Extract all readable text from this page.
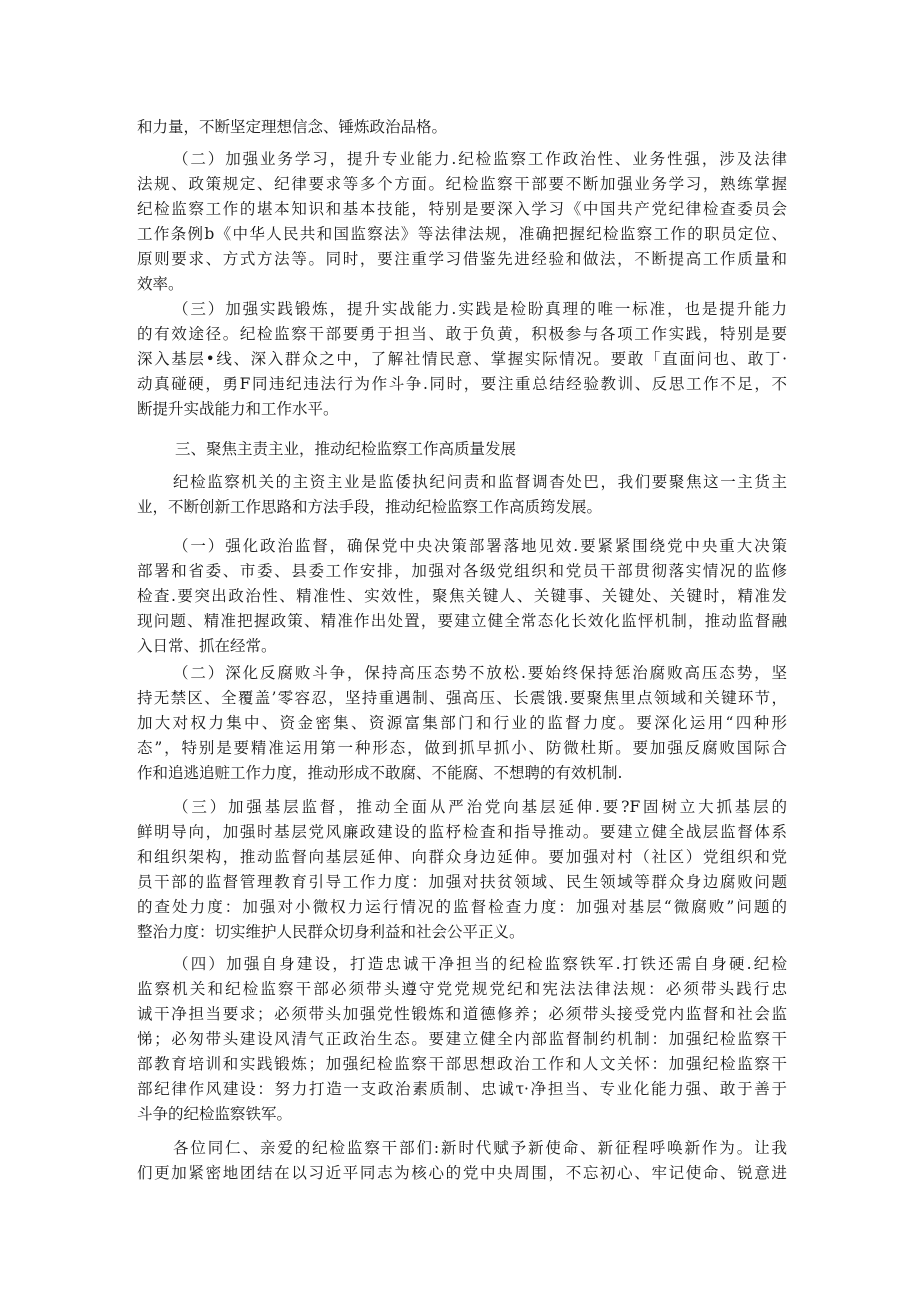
和力量，不断坚定理想信念、锤炼政治品格。

（二）加强业务学习，提升专业能力.纪检监察工作政治性、业务性强，涉及法律
法规、政策规定、纪律要求等多个方面。纪检监察干部要不断加强业务学习，熟练掌握
纪检监察工作的堪本知识和基本技能，特别是要深入学习《中国共产党纪律检查委员会
工作条例b《中华人民共和国监察法》等法律法规，准确把握纪检监察工作的职员定位、
原则要求、方式方法等。同时，要注重学习借鉴先进经验和做法，不断提高工作质量和
效率。

（三）加强实践锻炼，提升实战能力.实践是检盼真理的唯一标准，也是提升能力
的有效途径。纪检监察干部要勇于担当、敢于负黄，积极参与各项工作实践，特别是要
深入基层•线、深入群众之中，了解社情民意、掌握实际情况。要敢「直面问也、敢丁·
动真碰硬，勇F同违纪违法行为作斗争.同时，要注重总结经验教训、反思工作不足，不
断提升实战能力和工作水平。

三、聚焦主责主业，推动纪检监察工作高质量发展

纪检监察机关的主资主业是监倭执纪问责和监督调杳处巴，我们要聚焦这一主货主
业，不断创新工作思路和方法手段，推动纪检监察工作高质筠发展。

（一）强化政治监督，确保党中央决策部署落地见效.要紧紧围绕党中央重大决策
部署和省委、市委、县委工作安排，加强对各级党组织和党员干部贯彻落实情况的监修
检査.要突出政治性、精准性、实效性，聚焦关键人、关键事、关键处、关键时，精准发
现问题、精准把握政策、精准作出处置，要建立健全常态化长效化监怦机制，推动监督融
入日常、抓在经常。

（二）深化反腐败斗争，保持高压态势不放松.要始终保持惩治腐败高压态势，坚
持无禁区、全覆盖’零容忍，坚持重遇制、强高压、长震饿.要聚焦里点领域和关键环节，
加大对权力集中、资金密集、资源富集部门和行业的监督力度。要深化运用“四种形
态”，特别是要精准运用第一种形态，做到抓早抓小、防微杜斯。要加强反腐败国际合
作和追逃追赃工作力度，推动形成不敢腐、不能腐、不想聘的有效机制.

（三）加强基层监督，推动全面从严治党向基层延伸.要?F固树立大抓基层的
鲜明导向，加强时基层党风廉政建设的监杼检査和指导推动。要建立健全战层监督体系
和组织架构，推动监督向基层延伸、向群众身边延伸。要加强对村（社区）党组织和党
员干部的监督管理教育引导工作力度：加强对扶贫领域、民生领域等群众身边腐败问题
的查处力度：加强对小微权力运行情况的监督检查力度：加强对基层“微腐败”问题的
整治力度：切实维护人民群众切身利益和社会公平正义。

（四）加强自身建设，打造忠诚干净担当的纪检监察铁军.打铁还需自身硬.纪检
监察机关和纪检监察干部必须带头遵守党党规党纪和宪法法律法规：必须带头践行忠
诚干净担当要求；必须带头加强党性锻炼和道德修养；必须带头接受党内监督和社会监
悌；必匆带头建设风清气正政治生态。要建立健全内部监督制约机制：加强纪检监察干
部教育培训和实践锻炼；加强纪检监察干部思想政治工作和人文关怀：加强纪检监察干
部纪律作风建设：努力打造一支政治素质制、忠诚τ·净担当、专业化能力强、敢于善于
斗争的纪检监察铁军。

各位同仁、亲爱的纪检监察干部们:新时代赋予新使命、新征程呼唤新作为。让我
们更加紧密地团结在以习近平同志为核心的党中央周围，不忘初心、牢记使命、锐意进
